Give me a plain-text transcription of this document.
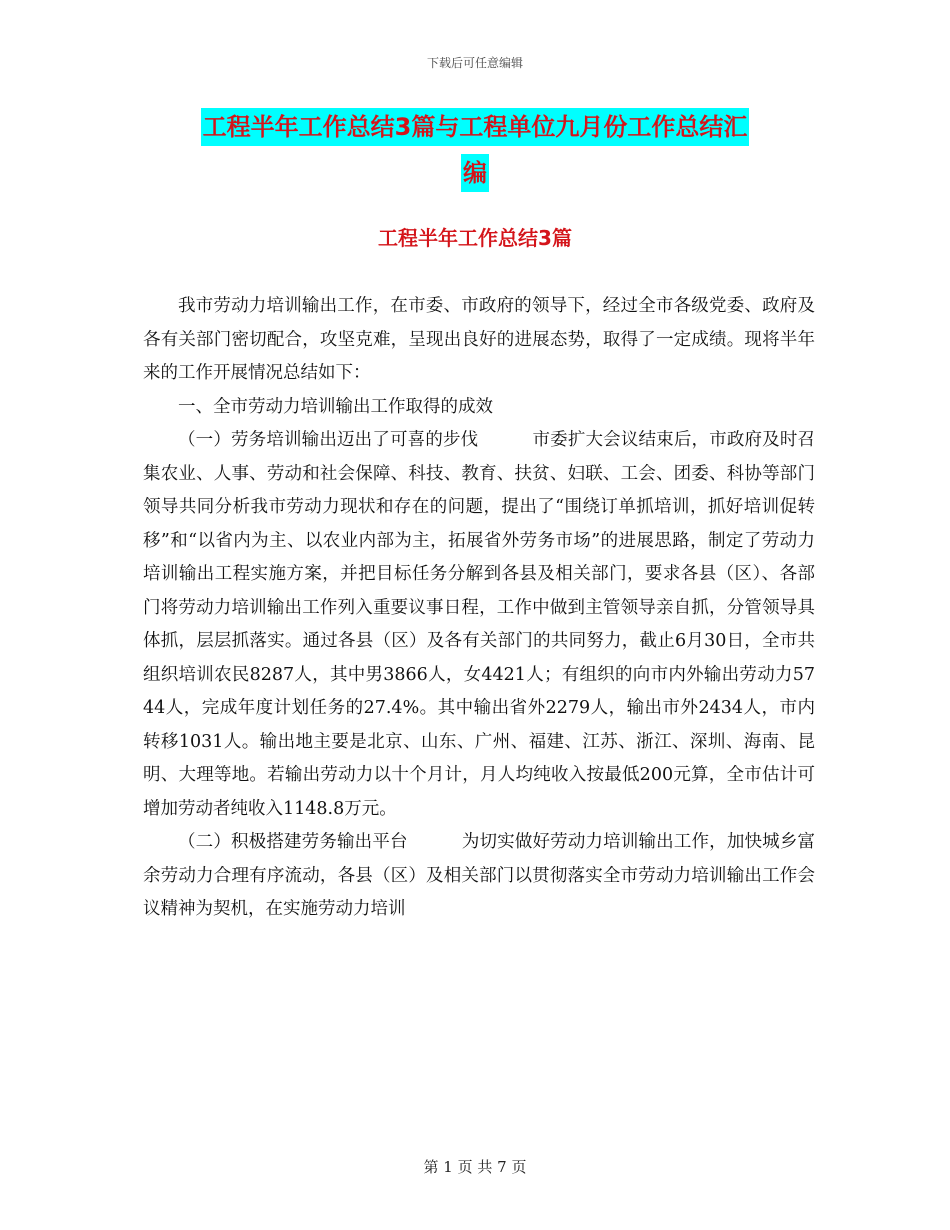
下载后可任意编辑
工程半年工作总结3篇与工程单位九月份工作总结汇
编
工程半年工作总结3篇

我市劳动力培训输出工作，在市委、市政府的领导下，经过全市各级党委、政府及各有关部门密切配合，攻坚克难，呈现出良好的进展态势，取得了一定成绩。现将半年来的工作开展情况总结如下：

一、全市劳动力培训输出工作取得的成效

（一）劳务培训输出迈出了可喜的步伐	市委扩大会议结束后，市政府及时召集农业、人事、劳动和社会保障、科技、教育、扶贫、妇联、工会、团委、科协等部门领导共同分析我市劳动力现状和存在的问题，提出了“围绕订单抓培训，抓好培训促转移”和“以省内为主、以农业内部为主，拓展省外劳务市场”的进展思路，制定了劳动力培训输出工程实施方案，并把目标任务分解到各县及相关部门，要求各县（区）、各部门将劳动力培训输出工作列入重要议事日程，工作中做到主管领导亲自抓，分管领导具体抓，层层抓落实。通过各县（区）及各有关部门的共同努力，截止6月30日，全市共组织培训农民8287人，其中男3866人，女4421人；有组织的向市内外输出劳动力5744人，完成年度计划任务的27.4%。其中输出省外2279人，输出市外2434人，市内转移1031人。输出地主要是北京、山东、广州、福建、江苏、浙江、深圳、海南、昆明、大理等地。若输出劳动力以十个月计，月人均纯收入按最低200元算，全市估计可增加劳动者纯收入1148.8万元。

（二）积极搭建劳务输出平台	为切实做好劳动力培训输出工作，加快城乡富余劳动力合理有序流动，各县（区）及相关部门以贯彻落实全市劳动力培训输出工作会议精神为契机，在实施劳动力培训

第 1 页 共 7 页
